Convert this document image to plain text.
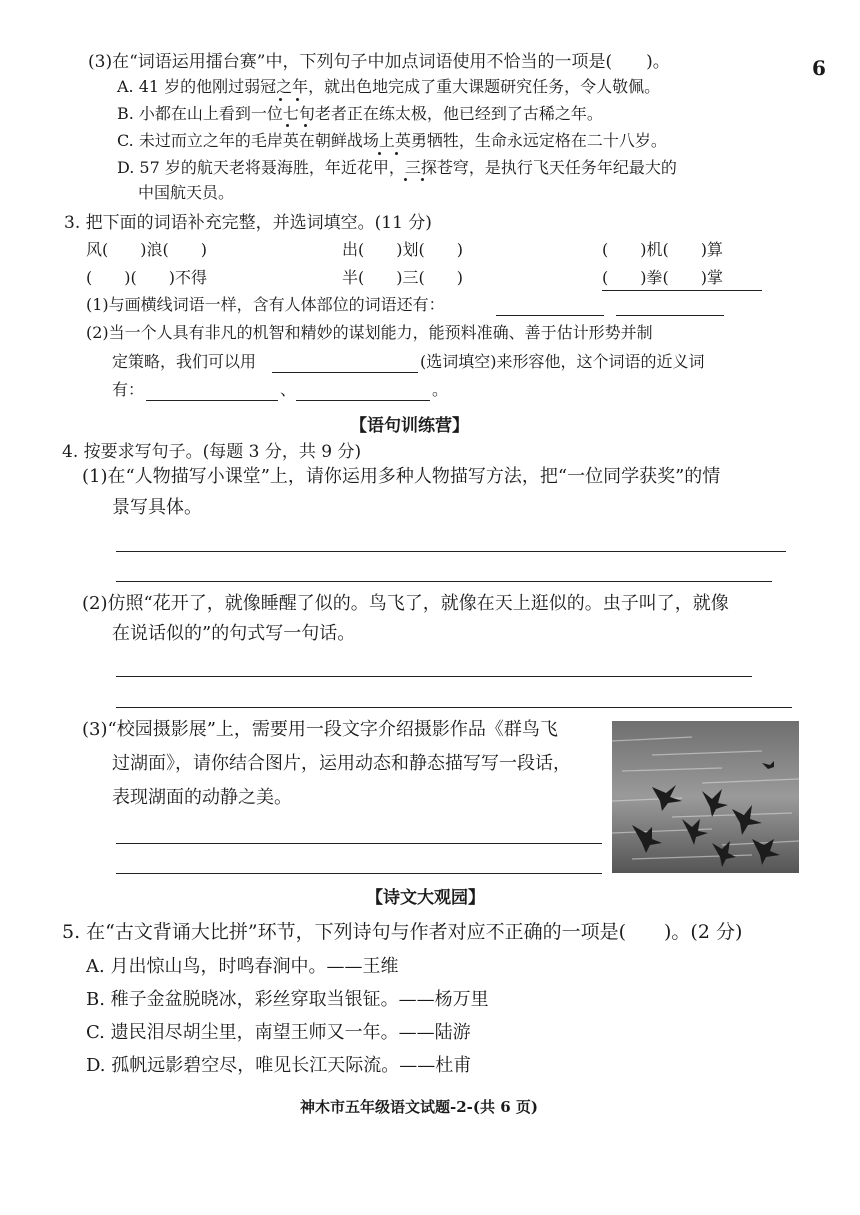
6
(3)在“词语运用擂台赛”中，下列句子中加点词语使用不恰当的一项是(　　)。
A. 41 岁的他刚过弱冠之年，就出色地完成了重大课题研究任务，令人敬佩。
B. 小都在山上看到一位七旬老者正在练太极，他已经到了古稀之年。
C. 未过而立之年的毛岸英在朝鲜战场上英勇牺牲，生命永远定格在二十八岁。
D. 57 岁的航天老将聂海胜，年近花甲，三探苍穹，是执行飞天任务年纪最大的
中国航天员。
3. 把下面的词语补充完整，并选词填空。(11 分)
风(　　)浪(　　)	出(　　)划(　　)	(　　)机(　　)算
(　　)(　　)不得	半(　　)三(　　)	(　　)拳(　　)掌
(1)与画横线词语一样，含有人体部位的词语还有：
(2)当一个人具有非凡的机智和精妙的谋划能力，能预料准确、善于估计形势并制
定策略，我们可以用	(选词填空)来形容他，这个词语的近义词
有：	、	。
【语句训练营】
4. 按要求写句子。(每题 3 分，共 9 分)
(1)在“人物描写小课堂”上，请你运用多种人物描写方法，把“一位同学获奖”的情
景写具体。
(2)仿照“花开了，就像睡醒了似的。鸟飞了，就像在天上逛似的。虫子叫了，就像
在说话似的”的句式写一句话。
(3)“校园摄影展”上，需要用一段文字介绍摄影作品《群鸟飞
过湖面》，请你结合图片，运用动态和静态描写写一段话，
表现湖面的动静之美。
【诗文大观园】
5. 在“古文背诵大比拼”环节，下列诗句与作者对应不正确的一项是(　　)。(2 分)
A. 月出惊山鸟，时鸣春涧中。——王维
B. 稚子金盆脱晓冰，彩丝穿取当银钲。——杨万里
C. 遗民泪尽胡尘里，南望王师又一年。——陆游
D. 孤帆远影碧空尽，唯见长江天际流。——杜甫
神木市五年级语文试题-2-(共 6 页)
